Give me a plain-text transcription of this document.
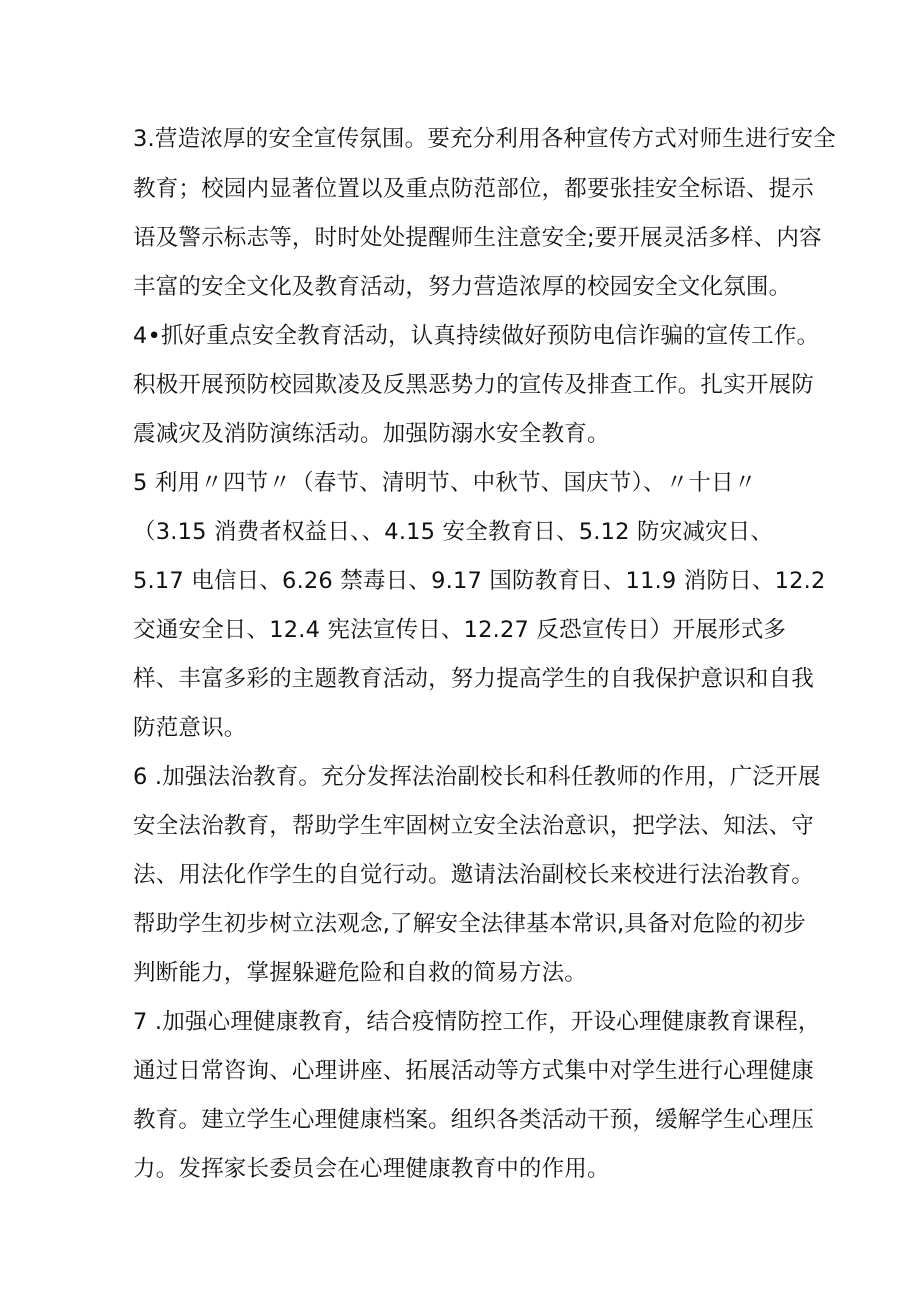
3.营造浓厚的安全宣传氛围。要充分利用各种宣传方式对师生进行安全
教育；校园内显著位置以及重点防范部位，都要张挂安全标语、提示
语及警示标志等，时时处处提醒师生注意安全;要开展灵活多样、内容
丰富的安全文化及教育活动，努力营造浓厚的校园安全文化氛围。
4•抓好重点安全教育活动，认真持续做好预防电信诈骗的宣传工作。
积极开展预防校园欺凌及反黑恶势力的宣传及排查工作。扎实开展防
震减灾及消防演练活动。加强防溺水安全教育。
5 利用〃四节〃（春节、清明节、中秋节、国庆节）、〃十日〃
（3.15 消费者权益日、、4.15 安全教育日、5.12 防灾减灾日、
5.17 电信日、6.26 禁毒日、9.17 国防教育日、11.9 消防日、12.2
交通安全日、12.4 宪法宣传日、12.27 反恐宣传日）开展形式多
样、丰富多彩的主题教育活动，努力提高学生的自我保护意识和自我
防范意识。
6 .加强法治教育。充分发挥法治副校长和科任教师的作用，广泛开展
安全法治教育，帮助学生牢固树立安全法治意识，把学法、知法、守
法、用法化作学生的自觉行动。邀请法治副校长来校进行法治教育。
帮助学生初步树立法观念,了解安全法律基本常识,具备对危险的初步
判断能力，掌握躲避危险和自救的简易方法。
7 .加强心理健康教育，结合疫情防控工作，开设心理健康教育课程，
通过日常咨询、心理讲座、拓展活动等方式集中对学生进行心理健康
教育。建立学生心理健康档案。组织各类活动干预，缓解学生心理压
力。发挥家长委员会在心理健康教育中的作用。
